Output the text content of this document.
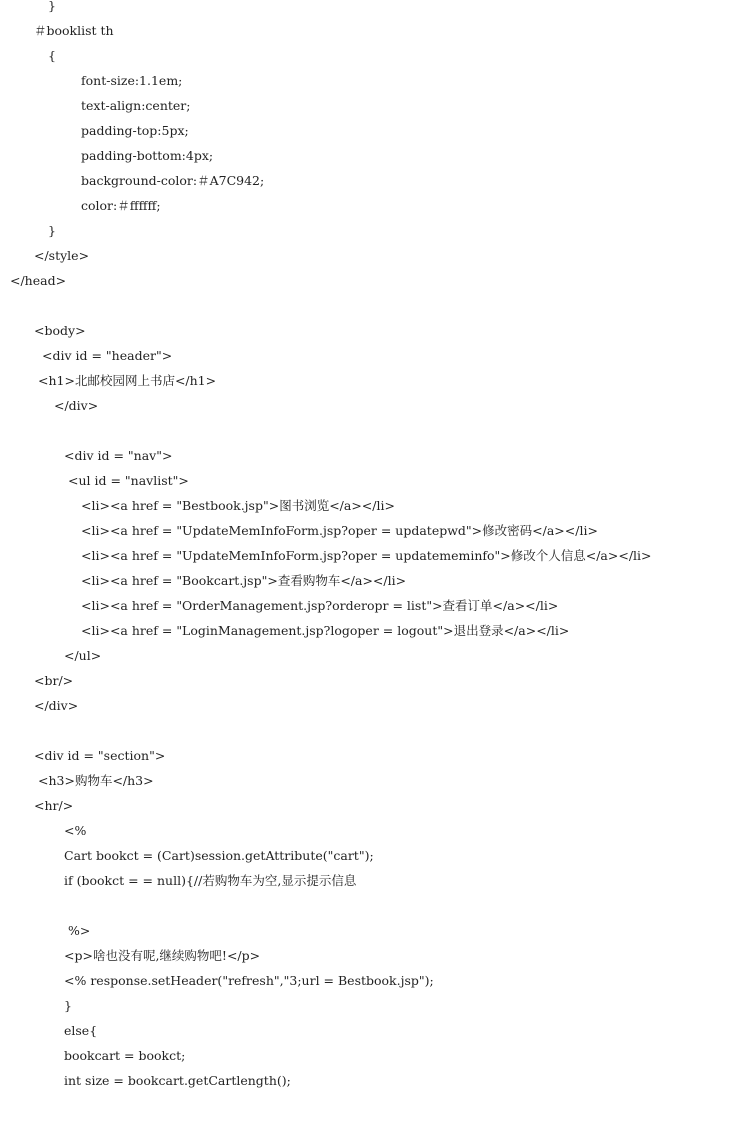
}
＃booklist th
{
font-size:1.1em;
text-align:center;
padding-top:5px;
padding-bottom:4px;
background-color:＃A7C942;
color:＃ffffff;
}
</style>
</head>
<body>
<div id = "header">
<h1>北邮校园网上书店</h1>
</div>
<div id = "nav">
<ul id = "navlist">
<li><a href = "Bestbook.jsp">图书浏览</a></li>
<li><a href = "UpdateMemInfoForm.jsp?oper = updatepwd">修改密码</a></li>
<li><a href = "UpdateMemInfoForm.jsp?oper = updatememinfo">修改个人信息</a></li>
<li><a href = "Bookcart.jsp">查看购物车</a></li>
<li><a href = "OrderManagement.jsp?orderopr = list">查看订单</a></li>
<li><a href = "LoginManagement.jsp?logoper = logout">退出登录</a></li>
</ul>
<br/>
</div>
<div id = "section">
<h3>购物车</h3>
<hr/>
<%
Cart bookct = (Cart)session.getAttribute("cart");
if (bookct = = null){//若购物车为空,显示提示信息
%>
<p>啥也没有呢,继续购物吧!</p>
<% response.setHeader("refresh","3;url = Bestbook.jsp");
}
else{
bookcart = bookct;
int size = bookcart.getCartlength();
